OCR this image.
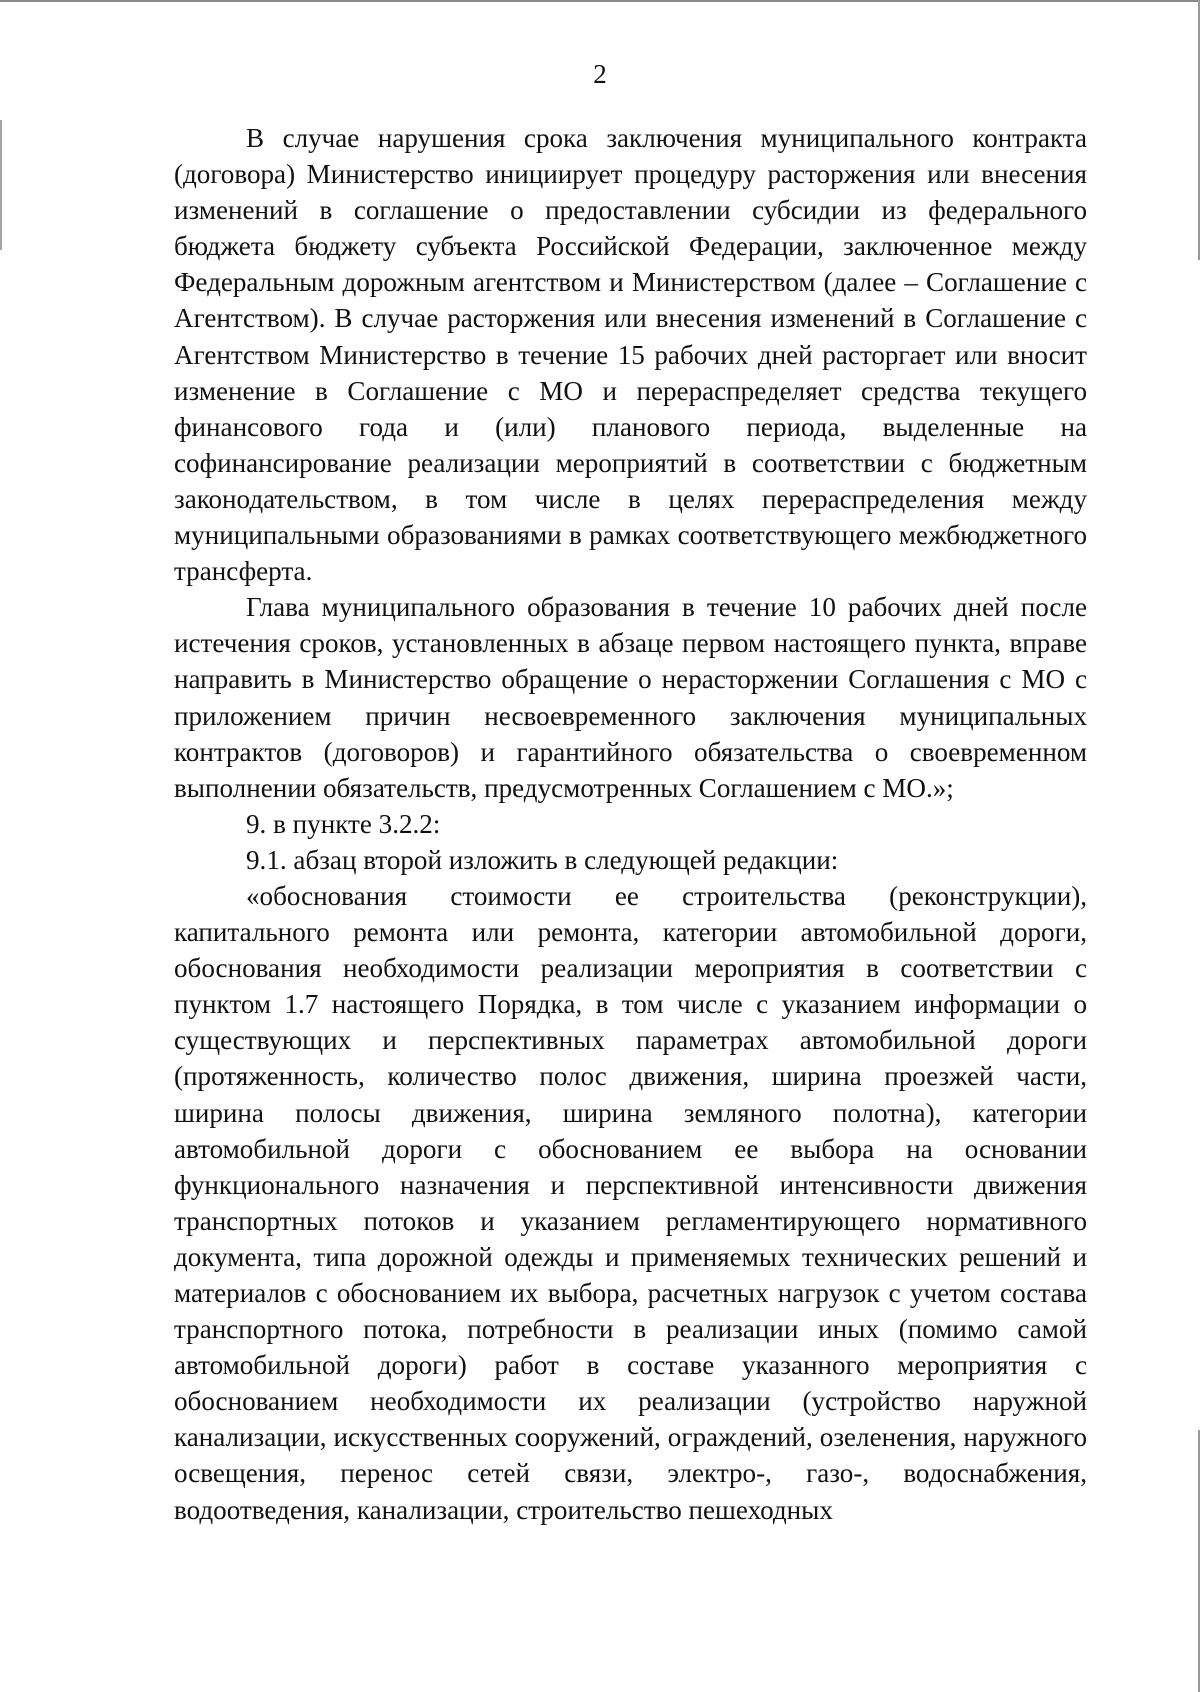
2

В случае нарушения срока заключения муниципального контракта (договора) Министерство инициирует процедуру расторжения или внесения изменений в соглашение о предоставлении субсидии из федерального бюджета бюджету субъекта Российской Федерации, заключенное между Федеральным дорожным агентством и Министерством (далее – Соглашение с Агентством). В случае расторжения или внесения изменений в Соглашение с Агентством Министерство в течение 15 рабочих дней расторгает или вносит изменение в Соглашение с МО и перераспределяет средства текущего финансового года и (или) планового периода, выделенные на софинансирование реализации мероприятий в соответствии с бюджетным законодательством, в том числе в целях перераспределения между муниципальными образованиями в рамках соответствующего межбюджетного трансферта.

Глава муниципального образования в течение 10 рабочих дней после истечения сроков, установленных в абзаце первом настоящего пункта, вправе направить в Министерство обращение о нерасторжении Соглашения с МО с приложением причин несвоевременного заключения муниципальных контрактов (договоров) и гарантийного обязательства о своевременном выполнении обязательств, предусмотренных Соглашением с МО.»;

9. в пункте 3.2.2:

9.1. абзац второй изложить в следующей редакции:

«обоснования стоимости ее строительства (реконструкции), капитального ремонта или ремонта, категории автомобильной дороги, обоснования необходимости реализации мероприятия в соответствии с пунктом 1.7 настоящего Порядка, в том числе с указанием информации о существующих и перспективных параметрах автомобильной дороги (протяженность, количество полос движения, ширина проезжей части, ширина полосы движения, ширина земляного полотна), категории автомобильной дороги с обоснованием ее выбора на основании функционального назначения и перспективной интенсивности движения транспортных потоков и указанием регламентирующего нормативного документа, типа дорожной одежды и применяемых технических решений и материалов с обоснованием их выбора, расчетных нагрузок с учетом состава транспортного потока, потребности в реализации иных (помимо самой автомобильной дороги) работ в составе указанного мероприятия с обоснованием необходимости их реализации (устройство наружной канализации, искусственных сооружений, ограждений, озеленения, наружного освещения, перенос сетей связи, электро-, газо-, водоснабжения, водоотведения, канализации, строительство пешеходных
